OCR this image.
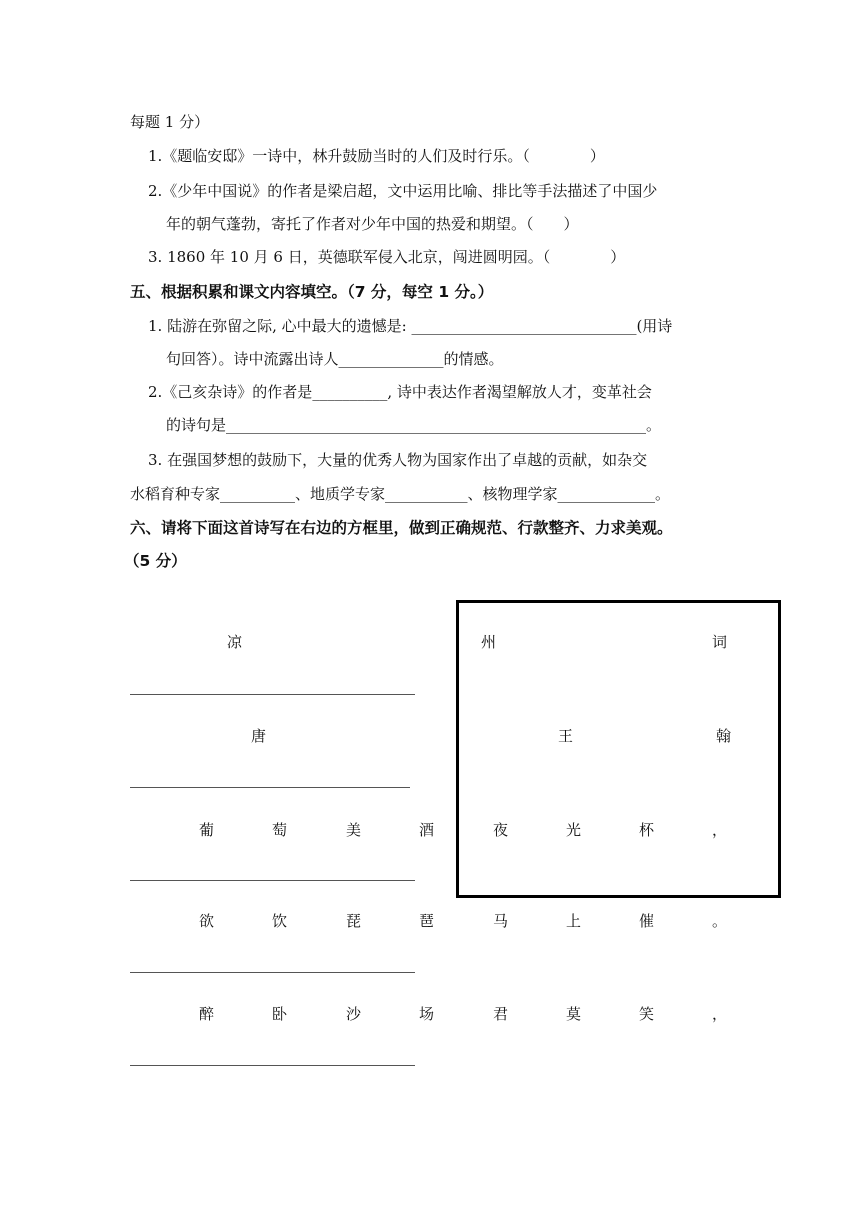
每题 1 分）
1.《题临安邸》一诗中，林升鼓励当时的人们及时行乐。（　　　　）
2.《少年中国说》的作者是梁启超，文中运用比喻、排比等手法描述了中国少
年的朝气蓬勃，寄托了作者对少年中国的热爱和期望。（　　）
3. 1860 年 10 月 6 日，英德联军侵入北京，闯进圆明园。（　　　　）
五、根据积累和课文内容填空。（7 分，每空 1 分。）
1. 陆游在弥留之际, 心中最大的遗憾是: ______________________________(用诗
句回答）。诗中流露出诗人______________的情感。
2.《己亥杂诗》的作者是__________, 诗中表达作者渴望解放人才，变革社会
的诗句是________________________________________________________。
3. 在强国梦想的鼓励下，大量的优秀人物为国家作出了卓越的贡献，如杂交
水稻育种专家__________、地质学专家___________、核物理学家_____________。
六、请将下面这首诗写在右边的方框里，做到正确规范、行款整齐、力求美观。
（5 分）
凉	州	词
唐	王	翰
葡	萄	美	酒	夜	光	杯	，
欲	饮	琵	琶	马	上	催	。
醉	卧	沙	场	君	莫	笑	，
